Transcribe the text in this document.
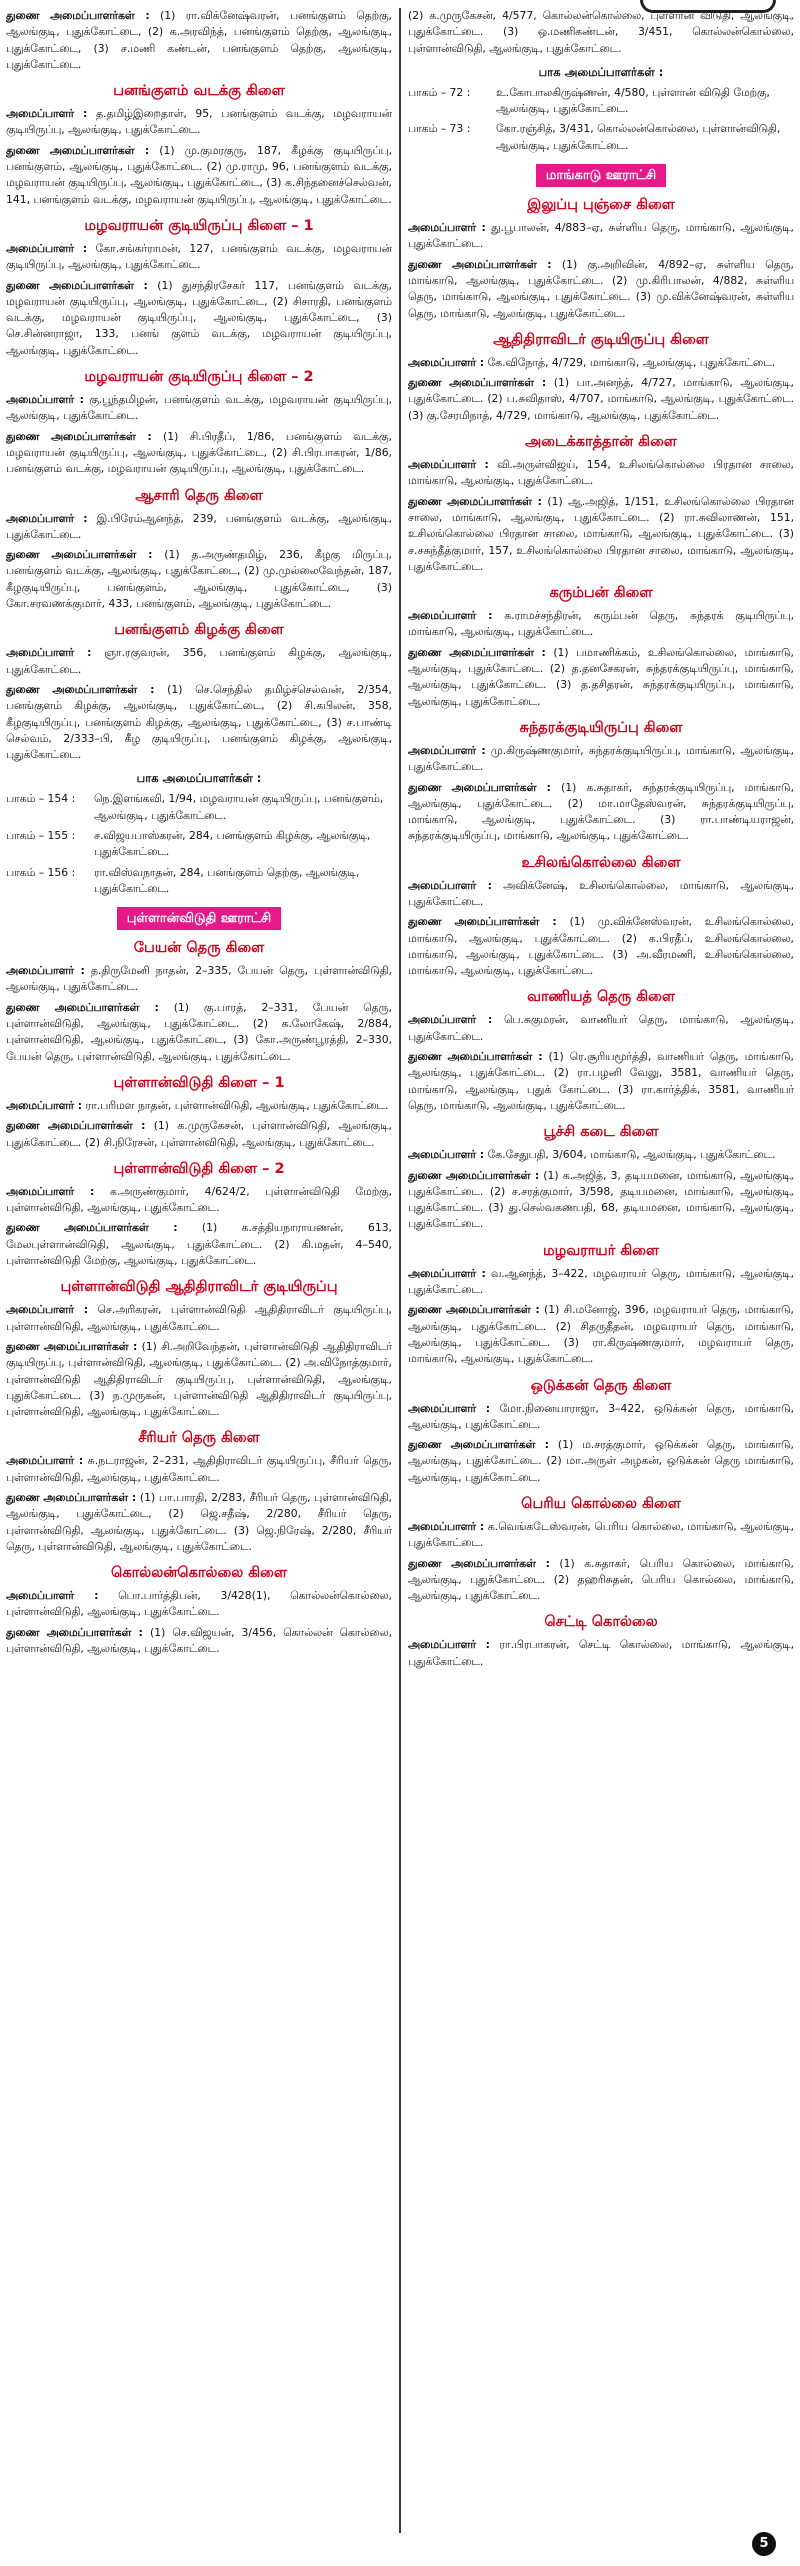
துணை அமைப்பாளர்கள் : (1) ரா.விக்னேஷ்வரன், பனங்குளம் தெற்கு, ஆலங்குடி, புதுக்கோட்டை, (2) க.அரவிந்த், பனங்குளம் தெற்கு, ஆலங்குடி, புதுக்கோட்டை, (3) ச.மணி கண்டன், பனங்குளம் தெற்கு, ஆலங்குடி, புதுக்கோட்டை.

பனங்குளம் வடக்கு கிளை

அமைப்பாளர் : த.தமிழ்இறைதாள், 95, பனங்குளம் வடக்கு, மழவராயன் குடியிருப்பு, ஆலங்குடி, புதுக்கோட்டை.

துணை அமைப்பாளர்கள் : (1) மு.குமரகுரு, 187, கீழக்கு குடியிருப்பு, பனங்குளம், ஆலங்குடி, புதுக்கோட்டை. (2) மு.ராமு, 96, பனங்குளம் வடக்கு, மழவராயன் குடியிருப்பு, ஆலங்குடி, புதுக்கோட்டை, (3) க.சிந்தனைச்செல்வன், 141, பனங்குளம் வடக்கு, மழவராயன் குடியிருப்பு, ஆலங்குடி, புதுக்கோட்டை.

மழவராயன் குடியிருப்பு கிளை – 1

அமைப்பாளர் : கோ.சங்கர்ராமன், 127, பனங்குளம் வடக்கு, மழவராயன் குடியிருப்பு, ஆலங்குடி, புதுக்கோட்டை.

துணை அமைப்பாளர்கள் : (1) துசந்திரசேகர் 117, பனங்குளம் வடக்கு, மழவராயன் குடியிருப்பு, ஆலங்குடி, புதுக்கோட்டை, (2) சிசாரதி, பனங்குளம் வடக்கு, மழவராயன் குடியிருப்பு, ஆலங்குடி, புதுக்கோட்டை, (3) செ.சின்னராஜா, 133, பனங் குளம் வடக்கு, மழவராயன் குடியிருப்பு, ஆலங்குடி, புதுக்கோட்டை.

மழவராயன் குடியிருப்பு கிளை – 2

அமைப்பாளர் : கு.பூந்தமிழன், பனங்குளம் வடக்கு, மழவராயன் குடியிருப்பு, ஆலங்குடி, புதுக்கோட்டை.

துணை அமைப்பாளர்கள் : (1) சி.பிரதீப், 1/86, பனங்குளம் வடக்கு, மழவராயன் குடியிருப்பு, ஆலங்குடி, புதுக்கோட்டை, (2) சி.பிரபாகரன், 1/86, பனங்குளம் வடக்கு, மழவராயன் குடியிருப்பு, ஆலங்குடி, புதுக்கோட்டை.

ஆசாரி தெரு கிளை

அமைப்பாளர் : இ.பிரேம்ஆனந்த், 239, பனங்குளம் வடக்கு, ஆலங்குடி, புதுக்கோட்டை.

துணை அமைப்பாளர்கள் : (1) த.அருண்தமிழ், 236, கீழகு மிருப்பு, பனங்குளம் வடக்கு, ஆலங்குடி, புதுக்கோட்டை, (2) மு.முல்லைவேந்தன், 187, கீழகுடியிருப்பு, பனங்குளம், ஆலங்குடி, புதுக்கோட்டை, (3) கோ.சரவணக்குமார், 433, பனங்குளம், ஆலங்குடி, புதுக்கோட்டை.

பனங்குளம் கிழக்கு கிளை

அமைப்பாளர் : ஞா.ரகுவரன், 356, பனங்குளம் கிழக்கு, ஆலங்குடி, புதுக்கோட்டை.

துணை அமைப்பாளர்கள் : (1) செ.செந்தில் தமிழ்ச்செல்வன், 2/354, பனங்குளம் கிழக்கு, ஆலங்குடி, புதுக்கோட்டை, (2) சி.கபிலன், 358, கீழகுடியிருப்பு, பனங்குளம் கிழக்கு, ஆலங்குடி, புதுக்கோட்டை, (3) ச.பாண்டி செல்வம், 2/333–பி, கீழ குடியிருப்பு, பனங்குளம் கிழக்கு, ஆலங்குடி, புதுக்கோட்டை.

பாக அமைப்பாளர்கள் :
பாகம் – 154 :	நெ.இளங்கவி, 1/94, மழவராயன் குடியிருப்பு, பனங்குளம், ஆலங்குடி, புதுக்கோட்டை.
பாகம் – 155 :	ச.விஜயபாஸ்கரன், 284, பனங்குளம் கிழக்கு, ஆலங்குடி, புதுக்கோட்டை.
பாகம் – 156 :	ரா.விஸ்வநாதன், 284, பனங்குளம் தெற்கு, ஆலங்குடி, புதுக்கோட்டை.
புள்ளான்விடுதி ஊராட்சி
பேயன் தெரு கிளை

அமைப்பாளர் : த.திருமேனி நாதன், 2–335, பேயன் தெரு, புள்ளான்விடுதி, ஆலங்குடி, புதுக்கோட்டை.

துணை அமைப்பாளர்கள் : (1) கு.பாரத், 2–331, பேயன் தெரு, புள்ளான்விடுதி, ஆலங்குடி, புதுக்கோட்டை. (2) க.லோகேஷ், 2/884, புள்ளான்விடுதி, ஆலங்குடி, புதுக்கோட்டை, (3) கோ.அருண்பூரத்தி, 2–330, பேயன் தெரு, புள்ளான்விடுதி, ஆலங்குடி, புதுக்கோட்டை.

புள்ளான்விடுதி கிளை – 1

அமைப்பாளர் : ரா.பரிமள நாதன், புள்ளான்விடுதி, ஆலங்குடி, புதுக்கோட்டை.

துணை அமைப்பாளர்கள் : (1) க.முருகேசன், புள்ளான்விடுதி, ஆலங்குடி, புதுக்கோட்டை. (2) சி.நிரேசன், புள்ளான்விடுதி, ஆலங்குடி, புதுக்கோட்டை.

புள்ளான்விடுதி கிளை – 2

அமைப்பாளர் : க.அருண்குமார், 4/624/2, புள்ளான்விடுதி மேற்கு, புள்ளான்விடுதி, ஆலங்குடி, புதுக்கோட்டை.

துணை அமைப்பாளர்கள் : (1) க.சத்தியநாராயணன், 613, மேலபுள்ளான்விடுதி, ஆலங்குடி, புதுக்கோட்டை. (2) கி.மதன், 4–540, புள்ளான்விடுதி மேற்கு, ஆலங்குடி, புதுக்கோட்டை.

புள்ளான்விடுதி ஆதிதிராவிடர் குடியிருப்பு

அமைப்பாளர் : செ.அரிகரன், புள்ளான்விடுதி ஆதிதிராவிடர் குடியிருப்பு, புள்ளான்விடுதி, ஆலங்குடி, புதுக்கோட்டை.

துணை அமைப்பாளர்கள் : (1) சி.அறிவேந்தன், புள்ளான்விடுதி ஆதிதிராவிடர் குடியிருப்பு, புள்ளான்விடுதி, ஆலங்குடி, புதுக்கோட்டை. (2) அ.விநோத்குமார், புள்ளான்விடுதி ஆதிதிராவிடர் குடியிருப்பு, புள்ளான்விடுதி, ஆலங்குடி, புதுக்கோட்டை. (3) ந.முருகன், புள்ளான்விடுதி ஆதிதிராவிடர் குடியிருப்பு, புள்ளான்விடுதி, ஆலங்குடி, புதுக்கோட்டை.

சீரியர் தெரு கிளை

அமைப்பாளர் : சு.நடராஜன், 2–231, ஆதிதிராவிடர் குடியிருப்பு, சீரியர் தெரு, புள்ளான்விடுதி, ஆலங்குடி, புதுக்கோட்டை.

துணை அமைப்பாளர்கள் : (1) பா.பாரதி, 2/283, சீரியர் தெரு, புள்ளான்விடுதி, ஆலங்குடி, புதுக்கோட்டை, (2) ஜெ.சதீஷ், 2/280, சீரியர் தெரு, புள்ளான்விடுதி, ஆலங்குடி, புதுக்கோட்டை. (3) ஜெ.நிரேஷ், 2/280, சீரியர் தெரு, புள்ளான்விடுதி, ஆலங்குடி, புதுக்கோட்டை.

கொல்லன்கொல்லை கிளை

அமைப்பாளர் : பொ.பார்த்திபன், 3/428(1), கொல்லன்கொல்லை, புள்ளான்விடுதி, ஆலங்குடி, புதுக்கோட்டை.

துணை அமைப்பாளர்கள் : (1) செ.விஜயன், 3/456, கொல்லன் கொல்லை, புள்ளான்விடுதி, ஆலங்குடி, புதுக்கோட்டை.

(2) க.முருகேசன், 4/577, கொல்லன்கொல்லை, புள்ளான் விடுதி, ஆலங்குடி, புதுக்கோட்டை. (3) ஒ.மணிகண்டன், 3/451, கொல்லன்கொல்லை, புள்ளான்விடுதி, ஆலங்குடி, புதுக்கோட்டை.

பாக அமைப்பாளர்கள் :
பாகம் – 72 :	உ.கோபாலகிருஷ்ணன், 4/580, புள்ளான் விடுதி மேற்கு, ஆலங்குடி, புதுக்கோட்டை.
பாகம் – 73 :	கோ.ரஞ்சித், 3/431, கொல்லன்கொல்லை, புள்ளான்விடுதி, ஆலங்குடி, புதுக்கோட்டை.
மாங்காடு ஊராட்சி
இலுப்பு புஞ்சை கிளை

அமைப்பாளர் : து.பூபாலன், 4/883–ஏ, சுள்ளிய தெரு, மாங்காடு, ஆலங்குடி, புதுக்கோட்டை.

துணை அமைப்பாளர்கள் : (1) கு.அறிவின், 4/892–ஏ, சுள்ளிய தெரு, மாங்காடு, ஆலங்குடி, புதுக்கோட்டை. (2) மு.கிரிபாலன், 4/882, சுள்ளிய தெரு, மாங்காடு, ஆலங்குடி, புதுக்கோட்டை. (3) மு.விக்னேஷ்வரன், சுள்ளிய தெரு, மாங்காடு, ஆலங்குடி, புதுக்கோட்டை.

ஆதிதிராவிடர் குடியிருப்பு கிளை

அமைப்பாளர் : கே.விநோத், 4/729, மாங்காடு, ஆலங்குடி, புதுக்கோட்டை.

துணை அமைப்பாளர்கள் : (1) பா.அனந்த், 4/727, மாங்காடு, ஆலங்குடி, புதுக்கோட்டை. (2) ப.சுவிதாஸ், 4/707, மாங்காடு, ஆலங்குடி, புதுக்கோட்டை. (3) கு.சேரமிநாத், 4/729, மாங்காடு, ஆலங்குடி, புதுக்கோட்டை.

அடைக்காத்தான் கிளை

அமைப்பாளர் : வி.அருள்விஜய், 154, உசிலங்கொல்லை பிரதான சாலை, மாங்காடு, ஆலங்குடி, புதுக்கோட்டை.

துணை அமைப்பாளர்கள் : (1) ஆ.அஜித், 1/151, உசிலங்கொல்லை பிரதான சாலை, மாங்காடு, ஆலங்குடி, புதுக்கோட்டை. (2) ரா.சுவிலாணன், 151, உசிலங்கொல்லை பிரதான சாலை, மாங்காடு, ஆலங்குடி, புதுக்கோட்டை. (3) ச.சசுந்தீத்குமார், 157, உசிலங்கொல்லை பிரதான சாலை, மாங்காடு, ஆலங்குடி, புதுக்கோட்டை.

கரும்பன் கிளை

அமைப்பாளர் : க.ராமச்சந்திரன், கரும்பன் தெரு, சுந்தரக் குடியிருப்பு, மாங்காடு, ஆலங்குடி, புதுக்கோட்டை.

துணை அமைப்பாளர்கள் : (1) பமாணிக்கம், உசிலங்கொல்லை, மாங்காடு, ஆலங்குடி, புதுக்கோட்டை. (2) த.தனசேகரன், சுந்தரக்குடியிருப்பு, மாங்காடு, ஆலங்குடி, புதுக்கோட்டை. (3) த.தசிதரன், சுந்தரக்குடியிருப்பு, மாங்காடு, ஆலங்குடி, புதுக்கோட்டை.

சுந்தரக்குடியிருப்பு கிளை

அமைப்பாளர் : மு.கிருஷ்ணகுமார், சுந்தரக்குடியிருப்பு, மாங்காடு, ஆலங்குடி, புதுக்கோட்டை.

துணை அமைப்பாளர்கள் : (1) க.சுதாகர், சுந்தரக்குடியிருப்பு, மாங்காடு, ஆலங்குடி, புதுக்கோட்டை. (2) மா.மாதேஸ்வரன், சுந்தரக்குடியிருப்பு, மாங்காடு, ஆலங்குடி, புதுக்கோட்டை. (3) ரா.பாண்டியராஜன், சுந்தரக்குடியிருப்பு, மாங்காடு, ஆலங்குடி, புதுக்கோட்டை.

உசிலங்கொல்லை கிளை

அமைப்பாளர் : அவிக்னேஷ், உசிலங்கொல்லை, மாங்காடு, ஆலங்குடி, புதுக்கோட்டை.

துணை அமைப்பாளர்கள் : (1) மு.விக்னேஸ்வரன், உசிலங்கொல்லை, மாங்காடு, ஆலங்குடி, புதுக்கோட்டை. (2) க.பிரதீப், உசிலங்கொல்லை, மாங்காடு, ஆலங்குடி, புதுக்கோட்டை. (3) அ.வீரமணி, உசிலங்கொல்லை, மாங்காடு, ஆலங்குடி, புதுக்கோட்டை.

வாணியத் தெரு கிளை

அமைப்பாளர் : பெ.சுகுமரன், வாணியர் தெரு, மாங்காடு, ஆலங்குடி, புதுக்கோட்டை.

துணை அமைப்பாளர்கள் : (1) ரெ.சூரியமூர்த்தி, வாணியர் தெரு, மாங்காடு, ஆலங்குடி, புதுக்கோட்டை. (2) ரா.பழனி வேலு, 3581, வாணியர் தெரு, மாங்காடு, ஆலங்குடி, புதுக் கோட்டை. (3) ரா.கார்த்திக், 3581, வாணியர் தெரு, மாங்காடு, ஆலங்குடி, புதுக்கோட்டை.

பூச்சி கடை கிளை

அமைப்பாளர் : கே.சேதுபதி, 3/604, மாங்காடு, ஆலங்குடி, புதுக்கோட்டை.

துணை அமைப்பாளர்கள் : (1) க.அஜித், 3, தடியமனை, மாங்காடு, ஆலங்குடி, புதுக்கோட்டை. (2) ச.சரத்குமார், 3/598, தடியமனை, மாங்காடு, ஆலங்குடி, புதுக்கோட்டை. (3) து.செல்வகணபதி, 68, தடியமனை, மாங்காடு, ஆலங்குடி, புதுக்கோட்டை.

மழவராயர் கிளை

அமைப்பாளர் : வ.ஆனந்த், 3–422, மழவராயர் தெரு, மாங்காடு, ஆலங்குடி, புதுக்கோட்டை.

துணை அமைப்பாளர்கள் : (1) சி.மனோஜ், 396, மழவராயர் தெரு, மாங்காடு, ஆலங்குடி, புதுக்கோட்டை. (2) சிதருதீதன், மழவராயர் தெரு, மாங்காடு, ஆலங்குடி, புதுக்கோட்டை. (3) ரா.கிருஷ்ணகுமார், மழவராயர் தெரு, மாங்காடு, ஆலங்குடி, புதுக்கோட்டை.

ஒடுக்கன் தெரு கிளை

அமைப்பாளர் : மோ.நினையாராஜா, 3–422, ஒடுக்கன் தெரு, மாங்காடு, ஆலங்குடி, புதுக்கோட்டை.

துணை அமைப்பாளர்கள் : (1) ம.சரத்குமார், ஒடுக்கன் தெரு, மாங்காடு, ஆலங்குடி, புதுக்கோட்டை. (2) மா.அருள் அழகன், ஒடுக்கன் தெரு மாங்காடு, ஆலங்குடி, புதுக்கோட்டை.

பெரிய கொல்லை கிளை

அமைப்பாளர் : க.வெங்கடேஸ்வரன், பெரிய கொல்லை, மாங்காடு, ஆலங்குடி, புதுக்கோட்டை.

துணை அமைப்பாளர்கள் : (1) க.சுதாகர், பெரிய கொல்லை, மாங்காடு, ஆலங்குடி, புதுக்கோட்டை. (2) தஹரிசுதன், பெரிய கொல்லை, மாங்காடு, ஆலங்குடி, புதுக்கோட்டை.

செட்டி கொல்லை

அமைப்பாளர் : ரா.பிரபாகரன், செட்டி கொல்லை, மாங்காடு, ஆலங்குடி, புதுக்கோட்டை.

5
